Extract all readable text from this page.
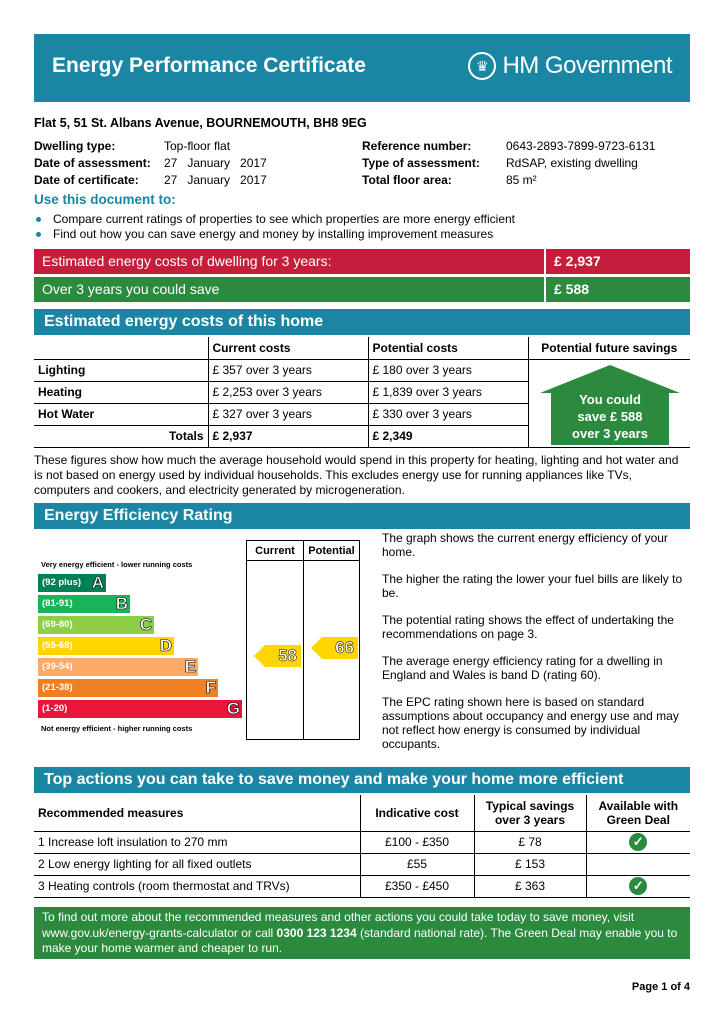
Energy Performance Certificate	♛ HM Government
Flat 5, 51 St. Albans Avenue, BOURNEMOUTH, BH8 9EG
Dwelling type:	Top-floor flat	Reference number:	0643-2893-7899-9723-6131
Date of assessment:	27   January   2017	Type of assessment:	RdSAP, existing dwelling
Date of certificate:	27   January   2017	Total floor area:	85 m²
Use this document to:
Compare current ratings of properties to see which properties are more energy efficient
Find out how you can save energy and money by installing improvement measures
Estimated energy costs of dwelling for 3 years:	£ 2,937
Over 3 years you could save	£ 588
Estimated energy costs of this home
	Current costs	Potential costs	Potential future savings
Lighting	£ 357 over 3 years	£ 180 over 3 years	
Heating	£ 2,253 over 3 years	£ 1,839 over 3 years	
Hot Water	£ 327 over 3 years	£ 330 over 3 years	
Totals	£ 2,937	£ 2,349	
You could
save £ 588
over 3 years
These figures show how much the average household would spend in this property for heating, lighting and hot water and is not based on energy used by individual households. This excludes energy use for running appliances like TVs, computers and cookers, and electricity generated by microgeneration.
Energy Efficiency Rating
Very energy efficient - lower running costs
(92 plus) A
(81-91)	B
(69-80)	C
(55-68)	D
(39-54)	E
(21-38)	F
(1-20)	G
Not energy efficient - higher running costs
Current	Potential
58	66

The graph shows the current energy efficiency of your home.

The higher the rating the lower your fuel bills are likely to be.

The potential rating shows the effect of undertaking the recommendations on page 3.

The average energy efficiency rating for a dwelling in England and Wales is band D (rating 60).

The EPC rating shown here is based on standard assumptions about occupancy and energy use and may not reflect how energy is consumed by individual occupants.

Top actions you can take to save money and make your home more efficient
Recommended measures	Indicative cost	Typical savings over 3 years	Available with Green Deal
1 Increase loft insulation to 270 mm	£100 - £350	£ 78	✓
2 Low energy lighting for all fixed outlets	£55	£ 153	
3 Heating controls (room thermostat and TRVs)	£350 - £450	£ 363	✓
To find out more about the recommended measures and other actions you could take today to save money, visit www.gov.uk/energy-grants-calculator or call 0300 123 1234 (standard national rate). The Green Deal may enable you to make your home warmer and cheaper to run.
Page 1 of 4
